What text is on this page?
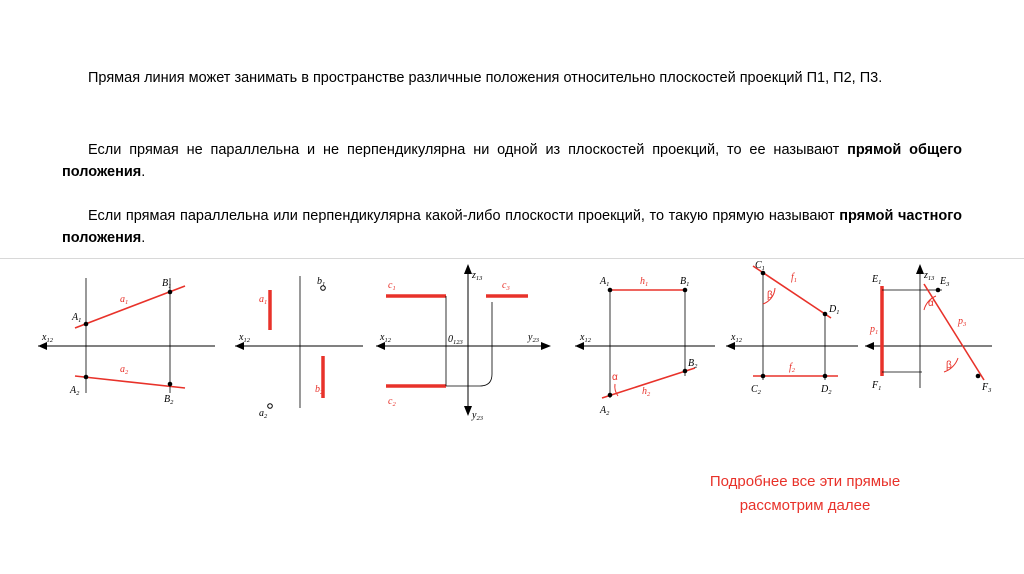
Прямая линия может занимать в пространстве различные положения относительно плоскостей проекций П1, П2, П3.
Если прямая не параллельна и не перпендикулярна ни одной из плоскостей проекций, то ее называют прямой общего положения.
Если прямая параллельна или перпендикулярна какой-либо плоскости проекций, то такую прямую называют прямой частного положения.
$x_{12}$
$A_1$
$B_1$
$a_1$
$A_2$
$B_2$
$a_2$
$x_{12}$
$a_1$
$b_1$
$a_2$
$b_2$
$x_{12}$
$z_{13}$
$y_{23}$
$y_{23}$
$0_{123}$
$c_1$	$c_3$
$c_2$
$x_{12}$
$A_1$	$B_1$
$h_1$
$A_2$
$B_2$
$h_2$
α
$x_{12}$
$C_1$
$f_1$
$D_1$
β
$C_2$
$f_2$
$D_2$
$z_{13}$
$E_1$	$E_3$
$p_1$
$p_3$
$F_1$	$F_3$
α
β
Подробнее все эти прямые
рассмотрим далее
